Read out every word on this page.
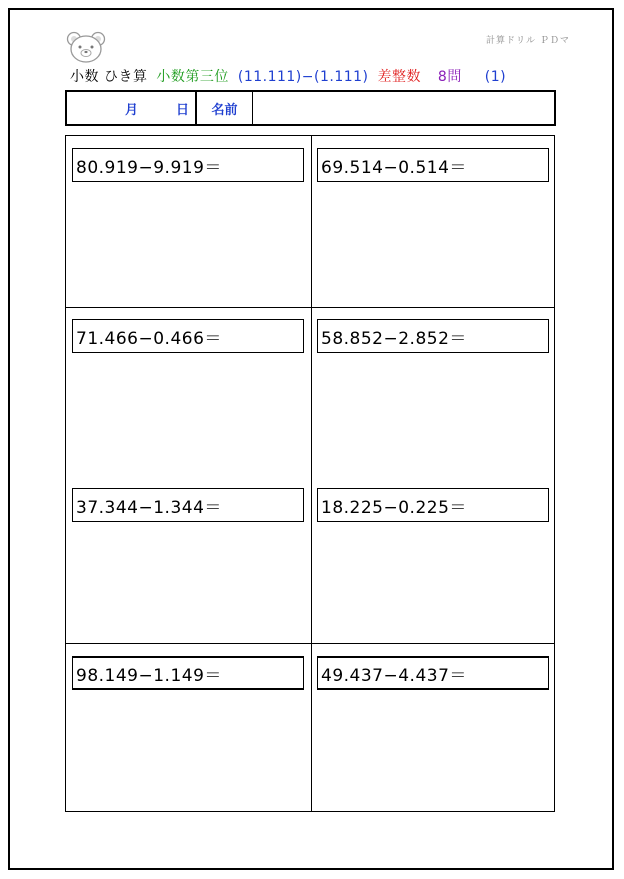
計算ドリル ＰＤマ
小数 ひき算 小数第三位 (11.111)−(1.111) 差整数 8問 (1)
月	日	名前
80.919−9.919＝	69.514−0.514＝
71.466−0.466＝	58.852−2.852＝
37.344−1.344＝	18.225−0.225＝
98.149−1.149＝	49.437−4.437＝
